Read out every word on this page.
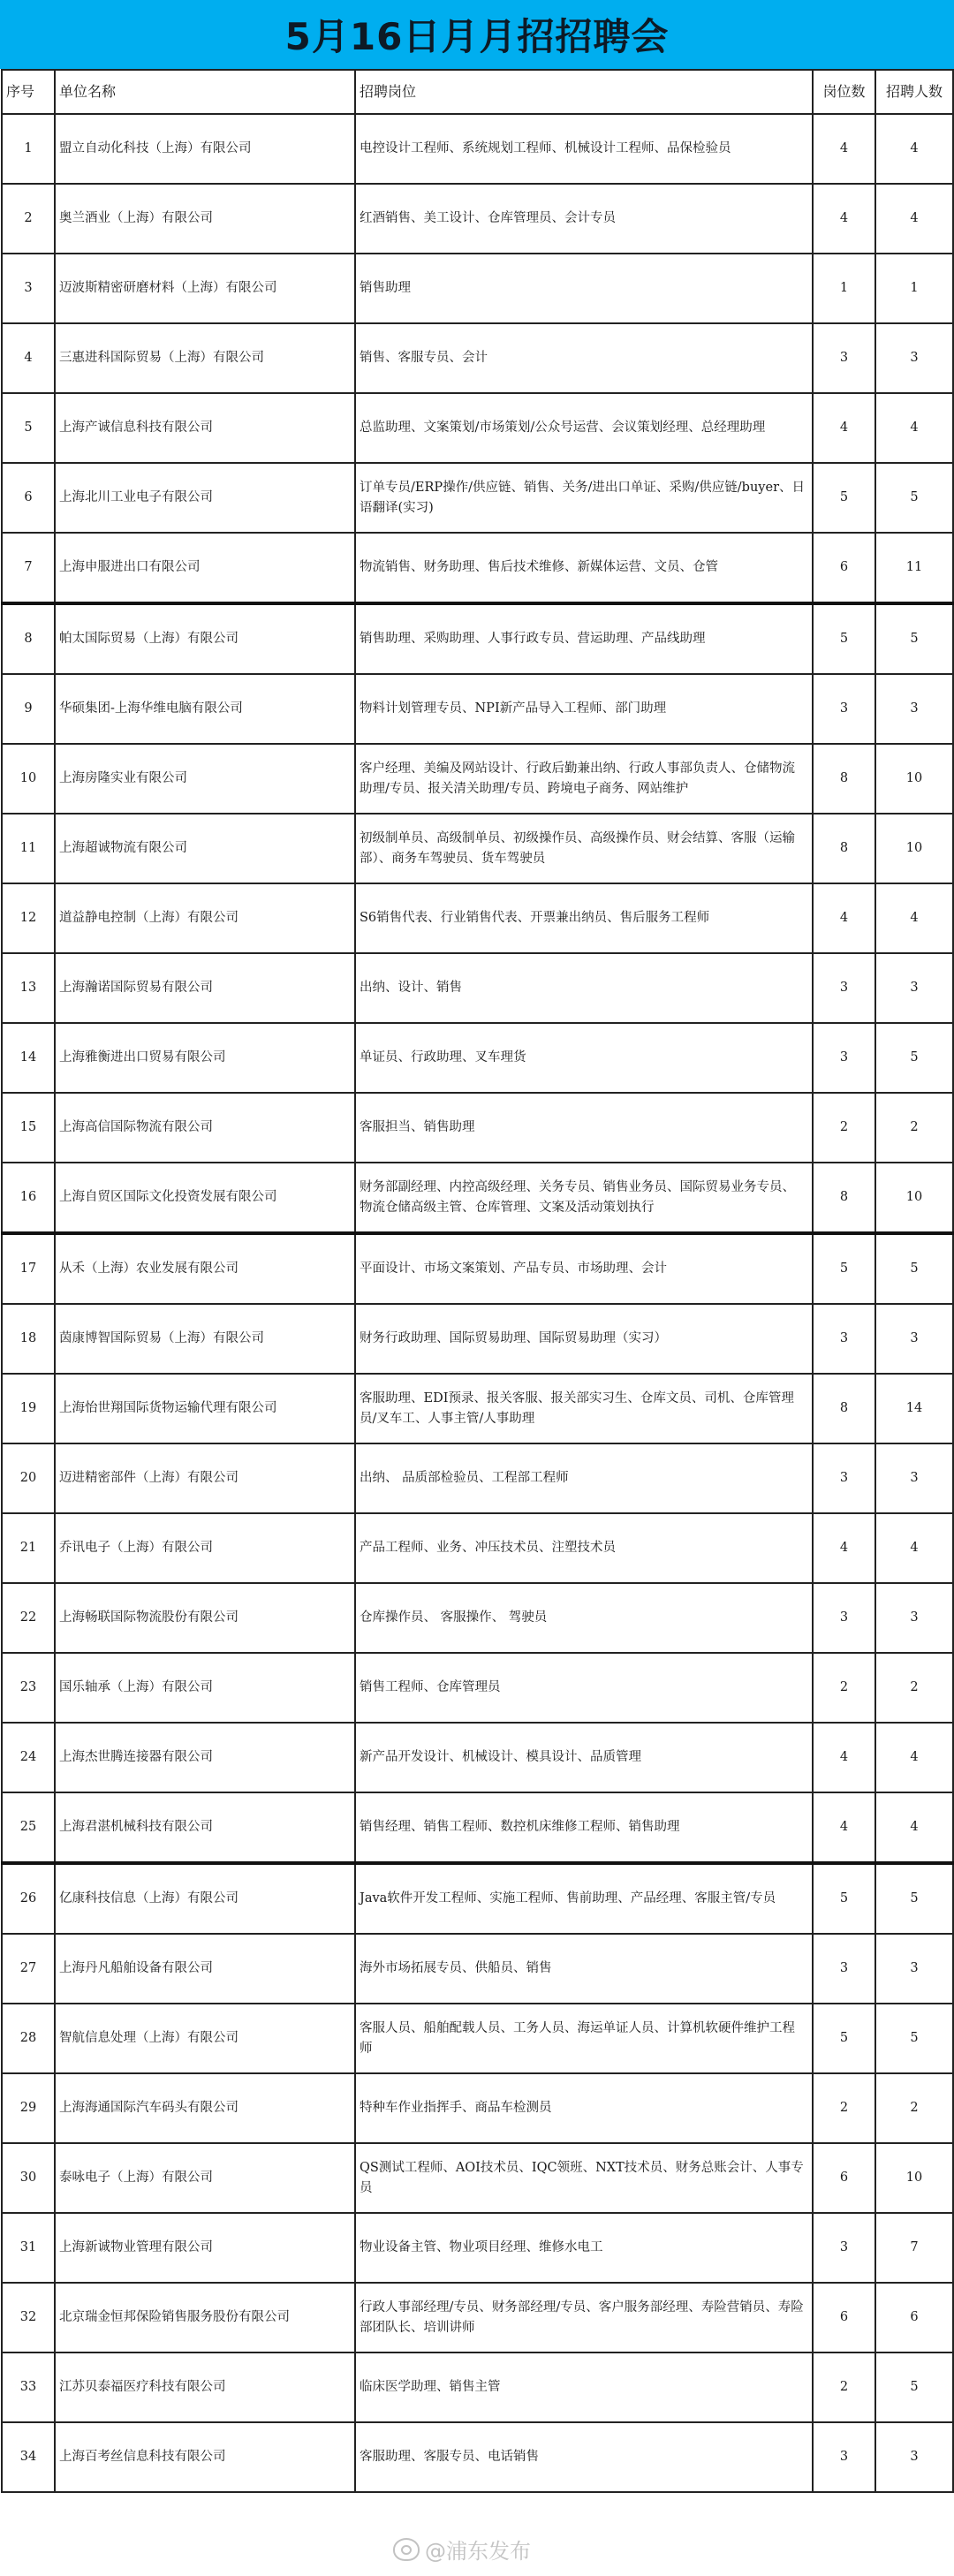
5月16日月月招招聘会
序号	单位名称	招聘岗位	岗位数	招聘人数
1	盟立自动化科技（上海）有限公司	电控设计工程师、系统规划工程师、机械设计工程师、品保检验员	4	4
2	奥兰酒业（上海）有限公司	红酒销售、美工设计、仓库管理员、会计专员	4	4
3	迈波斯精密研磨材料（上海）有限公司	销售助理	1	1
4	三惠进科国际贸易（上海）有限公司	销售、客服专员、会计	3	3
5	上海产诚信息科技有限公司	总监助理、文案策划/市场策划/公众号运营、会议策划经理、总经理助理	4	4
6	上海北川工业电子有限公司	订单专员/ERP操作/供应链、销售、关务/进出口单证、采购/供应链/buyer、日语翻译(实习)	5	5
7	上海申服进出口有限公司	物流销售、财务助理、售后技术维修、新媒体运营、文员、仓管	6	11
8	帕太国际贸易（上海）有限公司	销售助理、采购助理、人事行政专员、营运助理、产品线助理	5	5
9	华硕集团-上海华维电脑有限公司	物料计划管理专员、NPI新产品导入工程师、部门助理	3	3
10	上海房隆实业有限公司	客户经理、美编及网站设计、行政后勤兼出纳、行政人事部负责人、仓储物流助理/专员、报关清关助理/专员、跨境电子商务、网站维护	8	10
11	上海超诚物流有限公司	初级制单员、高级制单员、初级操作员、高级操作员、财会结算、客服（运输部）、商务车驾驶员、货车驾驶员	8	10
12	道益静电控制（上海）有限公司	S6销售代表、行业销售代表、开票兼出纳员、售后服务工程师	4	4
13	上海瀚诺国际贸易有限公司	出纳、设计、销售	3	3
14	上海雅衡进出口贸易有限公司	单证员、行政助理、叉车理货	3	5
15	上海高信国际物流有限公司	客服担当、销售助理	2	2
16	上海自贸区国际文化投资发展有限公司	财务部副经理、内控高级经理、关务专员、销售业务员、国际贸易业务专员、物流仓储高级主管、仓库管理、文案及活动策划执行	8	10
17	从禾（上海）农业发展有限公司	平面设计、市场文案策划、产品专员、市场助理、会计	5	5
18	茵康博智国际贸易（上海）有限公司	财务行政助理、国际贸易助理、国际贸易助理（实习）	3	3
19	上海怡世翔国际货物运输代理有限公司	客服助理、EDI预录、报关客服、报关部实习生、仓库文员、司机、仓库管理员/叉车工、人事主管/人事助理	8	14
20	迈进精密部件（上海）有限公司	出纳、 品质部检验员、工程部工程师	3	3
21	乔讯电子（上海）有限公司	产品工程师、业务、冲压技术员、注塑技术员	4	4
22	上海畅联国际物流股份有限公司	仓库操作员、 客服操作、 驾驶员	3	3
23	国乐轴承（上海）有限公司	销售工程师、仓库管理员	2	2
24	上海杰世腾连接器有限公司	新产品开发设计、机械设计、模具设计、品质管理	4	4
25	上海君湛机械科技有限公司	销售经理、销售工程师、数控机床维修工程师、销售助理	4	4
26	亿康科技信息（上海）有限公司	Java软件开发工程师、实施工程师、售前助理、产品经理、客服主管/专员	5	5
27	上海丹凡船舶设备有限公司	海外市场拓展专员、供船员、销售	3	3
28	智航信息处理（上海）有限公司	客服人员、船舶配载人员、工务人员、海运单证人员、计算机软硬件维护工程师	5	5
29	上海海通国际汽车码头有限公司	特种车作业指挥手、商品车检测员	2	2
30	泰咏电子（上海）有限公司	QS测试工程师、AOI技术员、IQC领班、NXT技术员、财务总账会计、人事专员	6	10
31	上海新诚物业管理有限公司	物业设备主管、物业项目经理、维修水电工	3	7
32	北京瑞金恒邦保险销售服务股份有限公司	行政人事部经理/专员、财务部经理/专员、客户服务部经理、寿险营销员、寿险部团队长、培训讲师	6	6
33	江苏贝泰福医疗科技有限公司	临床医学助理、销售主管	2	5
34	上海百考丝信息科技有限公司	客服助理、客服专员、电话销售	3	3
@浦东发布
